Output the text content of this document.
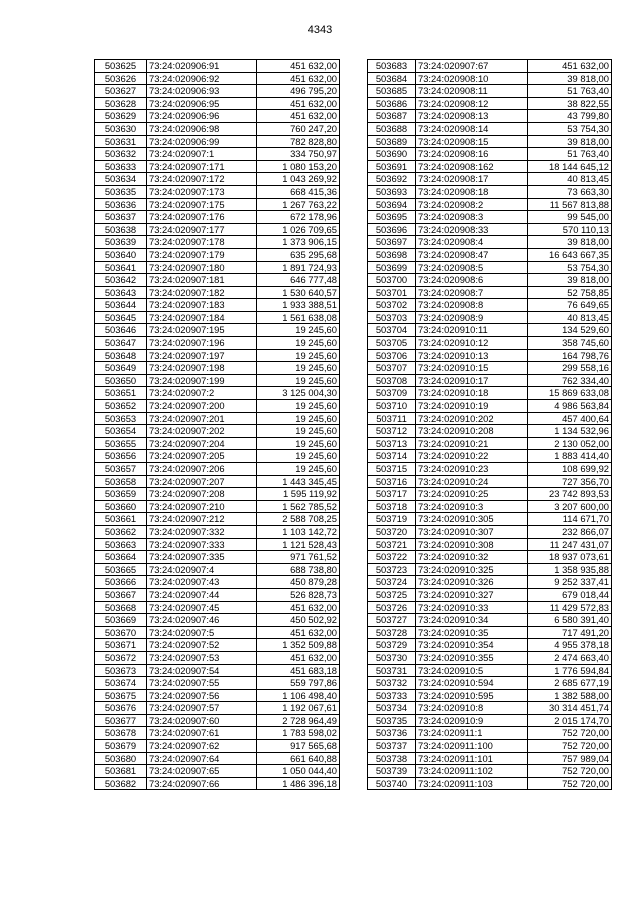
4343
503625	73:24:020906:91	451 632,00
503626	73:24:020906:92	451 632,00
503627	73:24:020906:93	496 795,20
503628	73:24:020906:95	451 632,00
503629	73:24:020906:96	451 632,00
503630	73:24:020906:98	760 247,20
503631	73:24:020906:99	782 828,80
503632	73:24:020907:1	334 750,97
503633	73:24:020907:171	1 080 153,20
503634	73:24:020907:172	1 043 269,92
503635	73:24:020907:173	668 415,36
503636	73:24:020907:175	1 267 763,22
503637	73:24:020907:176	672 178,96
503638	73:24:020907:177	1 026 709,65
503639	73:24:020907:178	1 373 906,15
503640	73:24:020907:179	635 295,68
503641	73:24:020907:180	1 891 724,93
503642	73:24:020907:181	646 777,48
503643	73:24:020907:182	1 530 640,57
503644	73:24:020907:183	1 933 388,51
503645	73:24:020907:184	1 561 638,08
503646	73:24:020907:195	19 245,60
503647	73:24:020907:196	19 245,60
503648	73:24:020907:197	19 245,60
503649	73:24:020907:198	19 245,60
503650	73:24:020907:199	19 245,60
503651	73:24:020907:2	3 125 004,30
503652	73:24:020907:200	19 245,60
503653	73:24:020907:201	19 245,60
503654	73:24:020907:202	19 245,60
503655	73:24:020907:204	19 245,60
503656	73:24:020907:205	19 245,60
503657	73:24:020907:206	19 245,60
503658	73:24:020907:207	1 443 345,45
503659	73:24:020907:208	1 595 119,92
503660	73:24:020907:210	1 562 785,52
503661	73:24:020907:212	2 588 708,25
503662	73:24:020907:332	1 103 142,72
503663	73:24:020907:333	1 121 528,43
503664	73:24:020907:335	971 761,52
503665	73:24:020907:4	688 738,80
503666	73:24:020907:43	450 879,28
503667	73:24:020907:44	526 828,73
503668	73:24:020907:45	451 632,00
503669	73:24:020907:46	450 502,92
503670	73:24:020907:5	451 632,00
503671	73:24:020907:52	1 352 509,88
503672	73:24:020907:53	451 632,00
503673	73:24:020907:54	451 683,18
503674	73:24:020907:55	559 797,86
503675	73:24:020907:56	1 106 498,40
503676	73:24:020907:57	1 192 067,61
503677	73:24:020907:60	2 728 964,49
503678	73:24:020907:61	1 783 598,02
503679	73:24:020907:62	917 565,68
503680	73:24:020907:64	661 640,88
503681	73:24:020907:65	1 050 044,40
503682	73:24:020907:66	1 486 396,18
503683	73:24:020907:67	451 632,00
503684	73:24:020908:10	39 818,00
503685	73:24:020908:11	51 763,40
503686	73:24:020908:12	38 822,55
503687	73:24:020908:13	43 799,80
503688	73:24:020908:14	53 754,30
503689	73:24:020908:15	39 818,00
503690	73:24:020908:16	51 763,40
503691	73:24:020908:162	18 144 645,12
503692	73:24:020908:17	40 813,45
503693	73:24:020908:18	73 663,30
503694	73:24:020908:2	11 567 813,88
503695	73:24:020908:3	99 545,00
503696	73:24:020908:33	570 110,13
503697	73:24:020908:4	39 818,00
503698	73:24:020908:47	16 643 667,35
503699	73:24:020908:5	53 754,30
503700	73:24:020908:6	39 818,00
503701	73:24:020908:7	52 758,85
503702	73:24:020908:8	76 649,65
503703	73:24:020908:9	40 813,45
503704	73:24:020910:11	134 529,60
503705	73:24:020910:12	358 745,60
503706	73:24:020910:13	164 798,76
503707	73:24:020910:15	299 558,16
503708	73:24:020910:17	762 334,40
503709	73:24:020910:18	15 869 633,08
503710	73:24:020910:19	4 986 563,84
503711	73:24:020910:202	457 400,64
503712	73:24:020910:208	1 134 532,96
503713	73:24:020910:21	2 130 052,00
503714	73:24:020910:22	1 883 414,40
503715	73:24:020910:23	108 699,92
503716	73:24:020910:24	727 356,70
503717	73:24:020910:25	23 742 893,53
503718	73:24:020910:3	3 207 600,00
503719	73:24:020910:305	114 671,70
503720	73:24:020910:307	232 866,07
503721	73:24:020910:308	11 247 431,07
503722	73:24:020910:32	18 937 073,61
503723	73:24:020910:325	1 358 935,88
503724	73:24:020910:326	9 252 337,41
503725	73:24:020910:327	679 018,44
503726	73:24:020910:33	11 429 572,83
503727	73:24:020910:34	6 580 391,40
503728	73:24:020910:35	717 491,20
503729	73:24:020910:354	4 955 378,18
503730	73:24:020910:355	2 474 663,40
503731	73:24:020910:5	1 776 594,84
503732	73:24:020910:594	2 685 677,19
503733	73:24:020910:595	1 382 588,00
503734	73:24:020910:8	30 314 451,74
503735	73:24:020910:9	2 015 174,70
503736	73:24:020911:1	752 720,00
503737	73:24:020911:100	752 720,00
503738	73:24:020911:101	757 989,04
503739	73:24:020911:102	752 720,00
503740	73:24:020911:103	752 720,00
